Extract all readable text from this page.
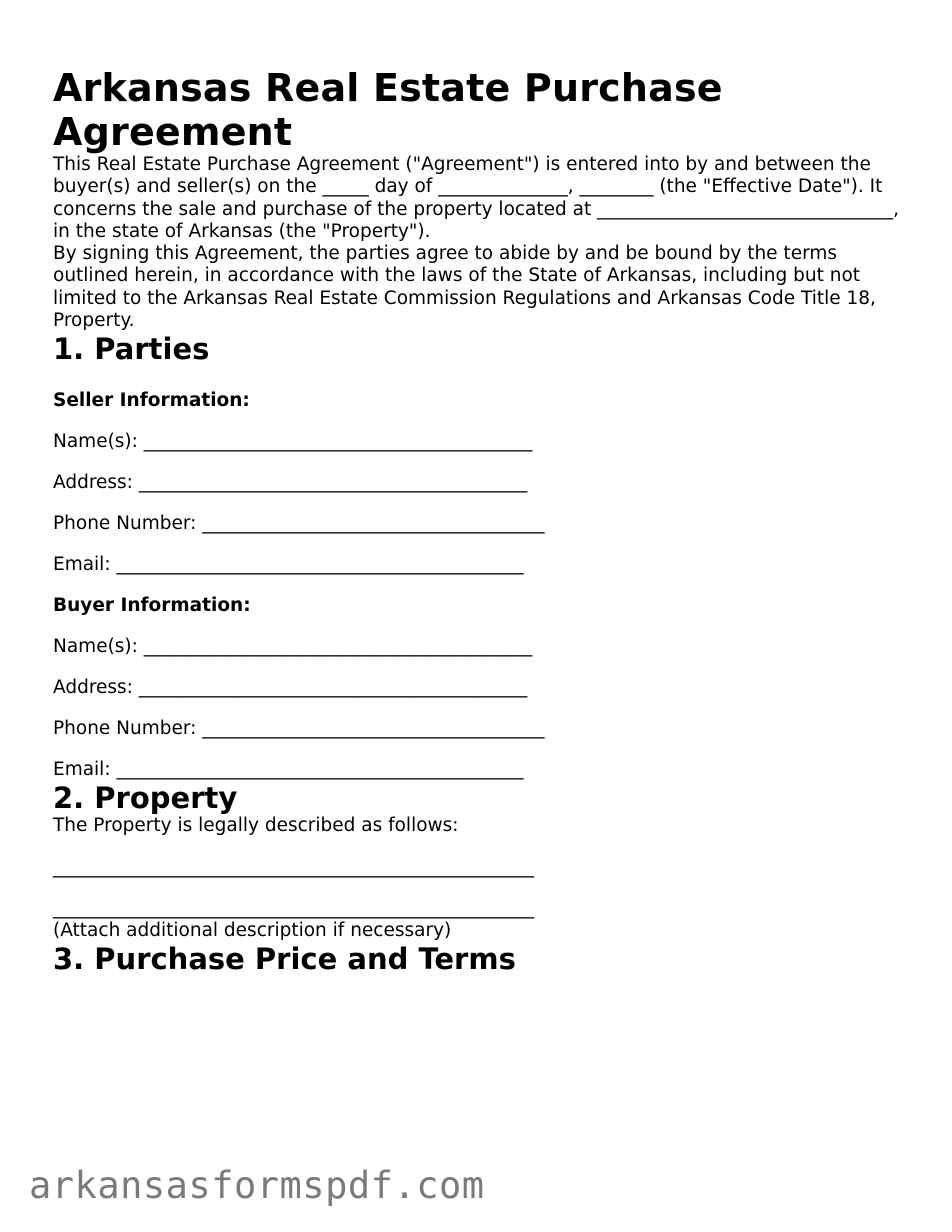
Arkansas Real Estate Purchase Agreement

This Real Estate Purchase Agreement ("Agreement") is entered into by and between the buyer(s) and seller(s) on the _____ day of ______________, ________ (the "Effective Date"). It concerns the sale and purchase of the property located at ________________________________, in the state of Arkansas (the "Property").

By signing this Agreement, the parties agree to abide by and be bound by the terms outlined herein, in accordance with the laws of the State of Arkansas, including but not limited to the Arkansas Real Estate Commission Regulations and Arkansas Code Title 18, Property.

1. Parties

Seller Information:

Name(s): __________________________________________

Address: __________________________________________

Phone Number: _____________________________________

Email: ____________________________________________

Buyer Information:

Name(s): __________________________________________

Address: __________________________________________

Phone Number: _____________________________________

Email: ____________________________________________

2. Property

The Property is legally described as follows:

____________________________________________________

____________________________________________________

(Attach additional description if necessary)

3. Purchase Price and Terms
arkansasformspdf.com
